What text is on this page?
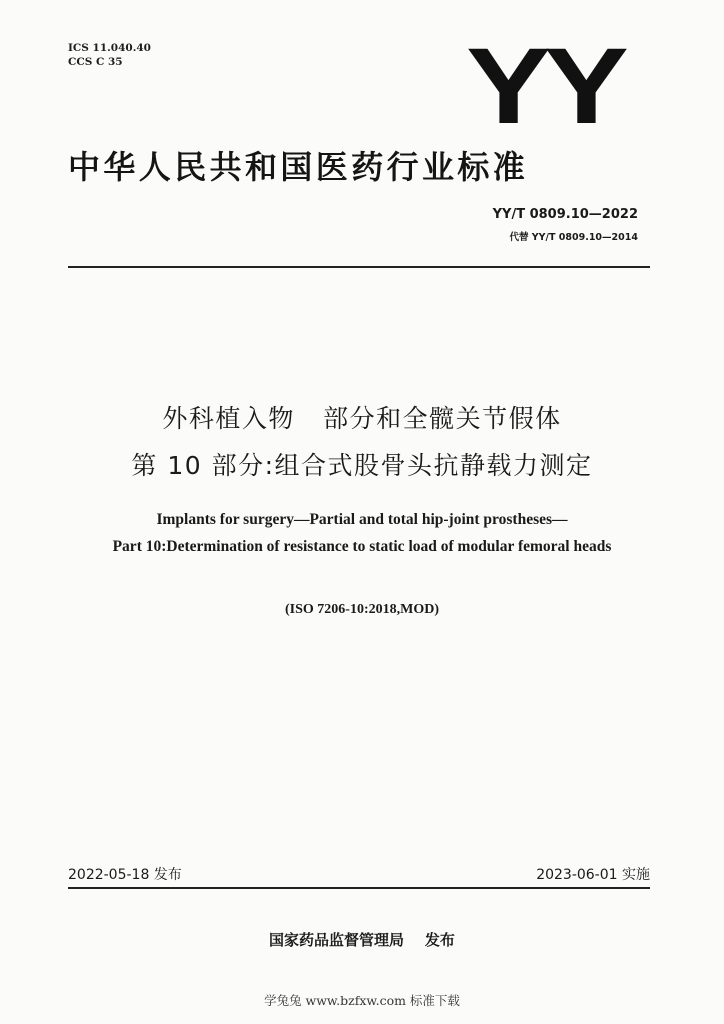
ICS 11.040.40
CCS C 35	YY
中华人民共和国医药行业标准
YY/T 0809.10—2022
代替 YY/T 0809.10—2014
外科植入物   部分和全髋关节假体
第 10 部分:组合式股骨头抗静载力测定
Implants for surgery—Partial and total hip-joint prostheses—
Part 10:Determination of resistance to static load of modular femoral heads
(ISO 7206-10:2018,MOD)
2022-05-18 发布	2023-06-01 实施
国家药品监督管理局    发布
学兔兔 www.bzfxw.com 标准下载
